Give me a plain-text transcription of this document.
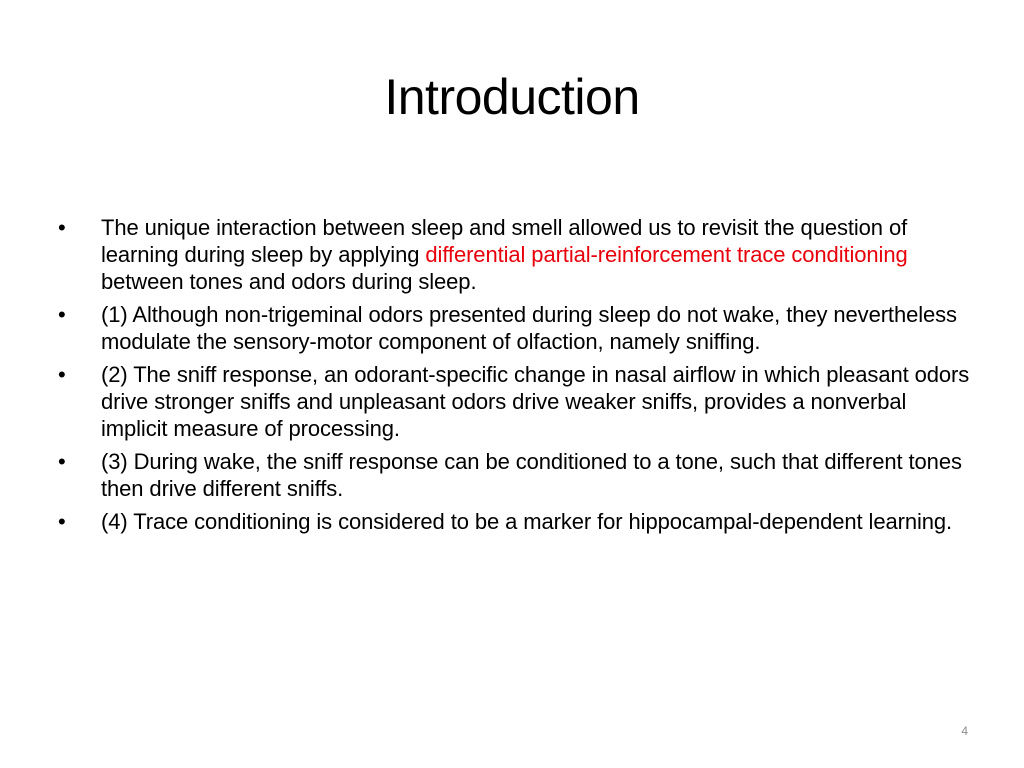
Introduction
•	The unique interaction between sleep and smell allowed us to revisit the question of learning during sleep by applying differential partial-reinforcement trace conditioning between tones and odors during sleep.
•	(1) Although non-trigeminal odors presented during sleep do not wake, they nevertheless modulate the sensory-motor component of olfaction, namely sniffing.
•	(2) The sniff response, an odorant-specific change in nasal airflow in which pleasant odors drive stronger sniffs and unpleasant odors drive weaker sniffs, provides a nonverbal implicit measure of processing.
•	(3) During wake, the sniff response can be conditioned to a tone, such that different tones then drive different sniffs.
•	(4) Trace conditioning is considered to be a marker for hippocampal-dependent learning.
4
